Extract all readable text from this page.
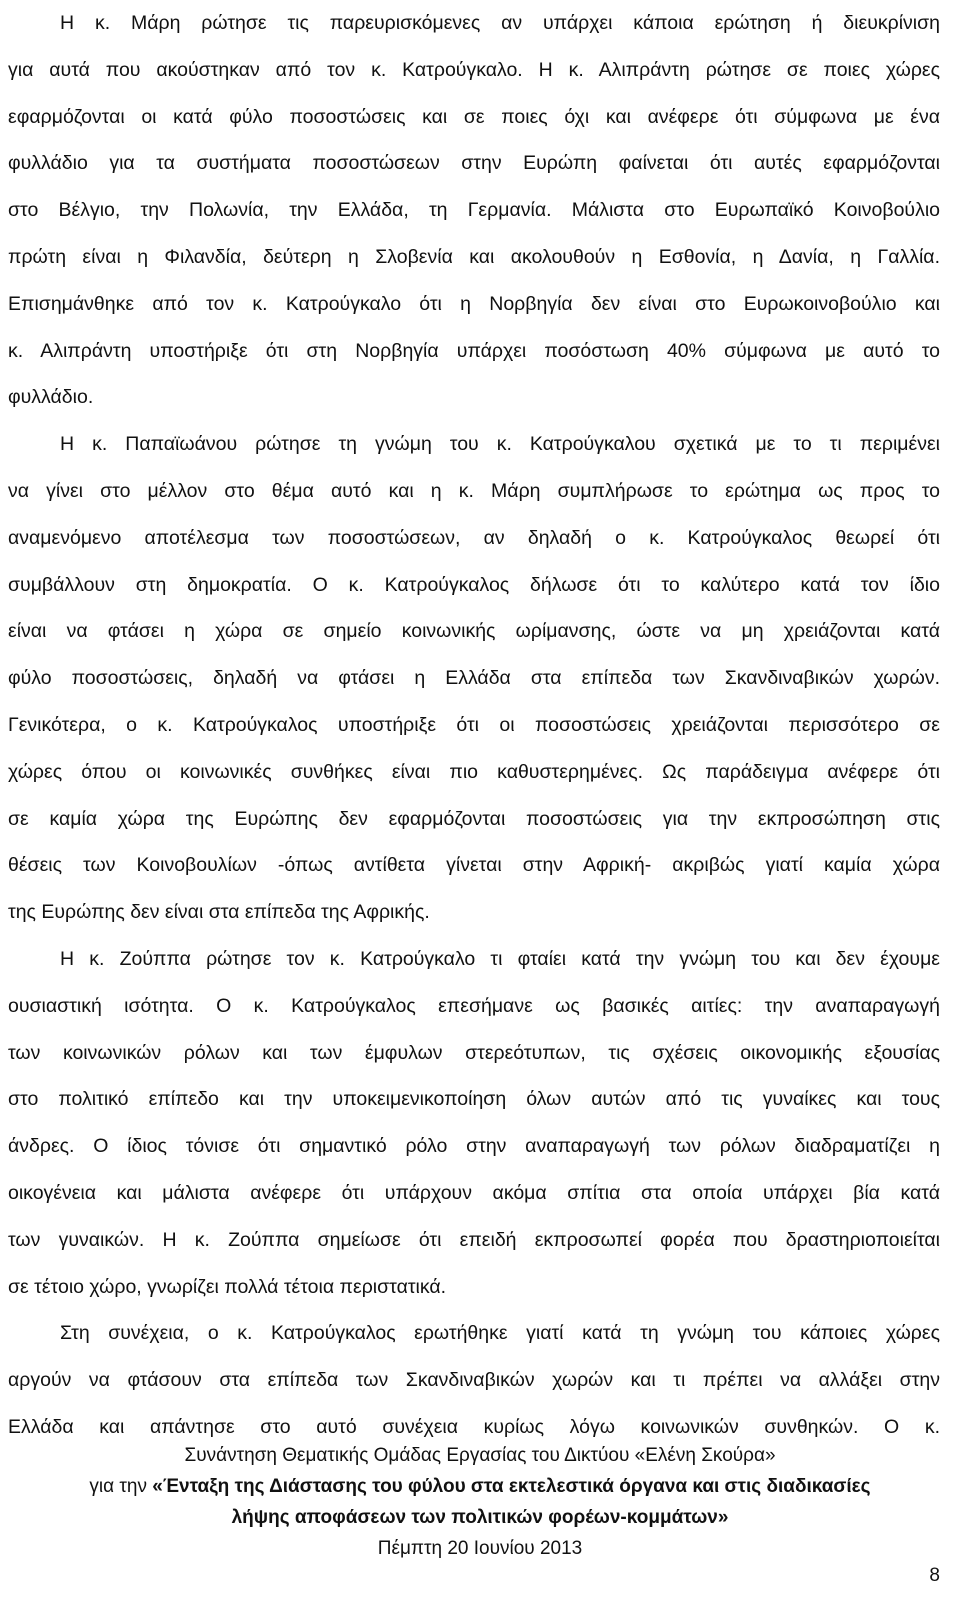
Η κ. Μάρη ρώτησε τις παρευρισκόμενες αν υπάρχει κάποια ερώτηση ή διευκρίνιση
για αυτά που ακούστηκαν από τον κ. Κατρούγκαλο. Η κ. Αλιπράντη ρώτησε σε ποιες χώρες
εφαρμόζονται οι κατά φύλο ποσοστώσεις και σε ποιες όχι και ανέφερε ότι σύμφωνα με ένα
φυλλάδιο για τα συστήματα ποσοστώσεων στην Ευρώπη φαίνεται ότι αυτές εφαρμόζονται
στο Βέλγιο, την Πολωνία, την Ελλάδα, τη Γερμανία. Μάλιστα στο Ευρωπαϊκό Κοινοβούλιο
πρώτη είναι η Φιλανδία, δεύτερη η Σλοβενία και ακολουθούν η Εσθονία, η Δανία, η Γαλλία.
Επισημάνθηκε από τον κ. Κατρούγκαλο ότι η Νορβηγία δεν είναι στο Ευρωκοινοβούλιο και
κ. Αλιπράντη υποστήριξε ότι στη Νορβηγία υπάρχει ποσόστωση 40% σύμφωνα με αυτό το
φυλλάδιο.
Η κ. Παπαϊωάνου ρώτησε τη γνώμη του κ. Κατρούγκαλου σχετικά με το τι περιμένει
να γίνει στο μέλλον στο θέμα αυτό και η κ. Μάρη συμπλήρωσε το ερώτημα ως προς το
αναμενόμενο αποτέλεσμα των ποσοστώσεων, αν δηλαδή ο κ. Κατρούγκαλος θεωρεί ότι
συμβάλλουν στη δημοκρατία. Ο κ. Κατρούγκαλος δήλωσε ότι το καλύτερο κατά τον ίδιο
είναι να φτάσει η χώρα σε σημείο κοινωνικής ωρίμανσης, ώστε να μη χρειάζονται κατά
φύλο ποσοστώσεις, δηλαδή να φτάσει η Ελλάδα στα επίπεδα των Σκανδιναβικών χωρών.
Γενικότερα, ο κ. Κατρούγκαλος υποστήριξε ότι οι ποσοστώσεις χρειάζονται περισσότερο σε
χώρες όπου οι κοινωνικές συνθήκες είναι πιο καθυστερημένες. Ως παράδειγμα ανέφερε ότι
σε καμία χώρα της Ευρώπης δεν εφαρμόζονται ποσοστώσεις για την εκπροσώπηση στις
θέσεις των Κοινοβουλίων -όπως αντίθετα γίνεται στην Αφρική- ακριβώς γιατί καμία χώρα
της Ευρώπης δεν είναι στα επίπεδα της Αφρικής.
Η κ. Ζούππα ρώτησε τον κ. Κατρούγκαλο τι φταίει κατά την γνώμη του και δεν έχουμε
ουσιαστική ισότητα. Ο κ. Κατρούγκαλος επεσήμανε ως βασικές αιτίες: την αναπαραγωγή
των κοινωνικών ρόλων και των έμφυλων στερεότυπων, τις σχέσεις οικονομικής εξουσίας
στο πολιτικό επίπεδο και την υποκειμενικοποίηση όλων αυτών από τις γυναίκες και τους
άνδρες. Ο ίδιος τόνισε ότι σημαντικό ρόλο στην αναπαραγωγή των ρόλων διαδραματίζει η
οικογένεια και μάλιστα ανέφερε ότι υπάρχουν ακόμα σπίτια στα οποία υπάρχει βία κατά
των γυναικών. Η κ. Ζούππα σημείωσε ότι επειδή εκπροσωπεί φορέα που δραστηριοποιείται
σε τέτοιο χώρο, γνωρίζει πολλά τέτοια περιστατικά.
Στη συνέχεια, ο κ. Κατρούγκαλος ερωτήθηκε γιατί κατά τη γνώμη του κάποιες χώρες
αργούν να φτάσουν στα επίπεδα των Σκανδιναβικών χωρών και τι πρέπει να αλλάξει στην
Ελλάδα και απάντησε στο αυτό συνέχεια κυρίως λόγω κοινωνικών συνθηκών. Ο κ.
Συνάντηση Θεματικής Ομάδας Εργασίας του Δικτύου «Ελένη Σκούρα»
για την «Ένταξη της Διάστασης του φύλου στα εκτελεστικά όργανα και στις διαδικασίες
λήψης αποφάσεων των πολιτικών φορέων-κομμάτων»
Πέμπτη 20 Ιουνίου 2013
8
